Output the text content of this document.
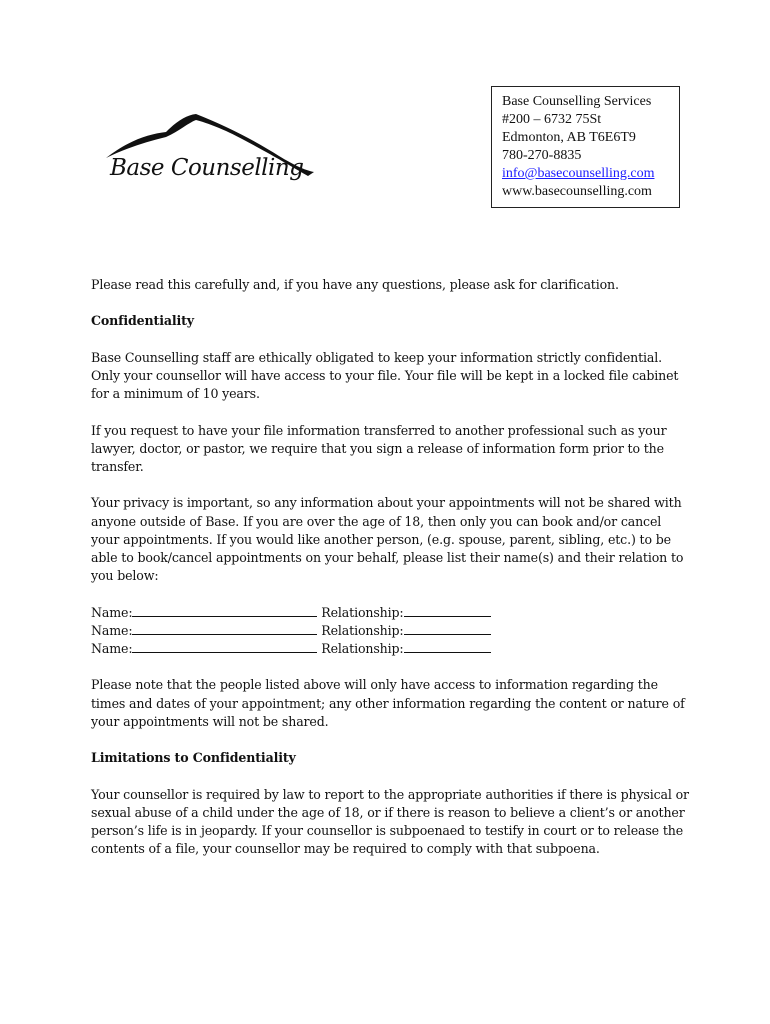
Base Counselling
Base Counselling Services
#200 – 6732 75St
Edmonton, AB T6E6T9
780-270-8835
info@basecounselling.com
www.basecounselling.com

Please read this carefully and, if you have any questions, please ask for clarification.

Confidentiality

Base Counselling staff are ethically obligated to keep your information strictly confidential. Only your counsellor will have access to your file. Your file will be kept in a locked file cabinet for a minimum of 10 years.

If you request to have your file information transferred to another professional such as your lawyer, doctor, or pastor, we require that you sign a release of information form prior to the transfer.

Your privacy is important, so any information about your appointments will not be shared with anyone outside of Base. If you are over the age of 18, then only you can book and/or cancel your appointments. If you would like another person, (e.g. spouse, parent, sibling, etc.) to be able to book/cancel appointments on your behalf, please list their name(s) and their relation to you below:

Name:	Relationship:
Name:	Relationship:
Name:	Relationship:

Please note that the people listed above will only have access to information regarding the times and dates of your appointment; any other information regarding the content or nature of your appointments will not be shared.

Limitations to Confidentiality

Your counsellor is required by law to report to the appropriate authorities if there is physical or sexual abuse of a child under the age of 18, or if there is reason to believe a client’s or another person’s life is in jeopardy. If your counsellor is subpoenaed to testify in court or to release the contents of a file, your counsellor may be required to comply with that subpoena.
